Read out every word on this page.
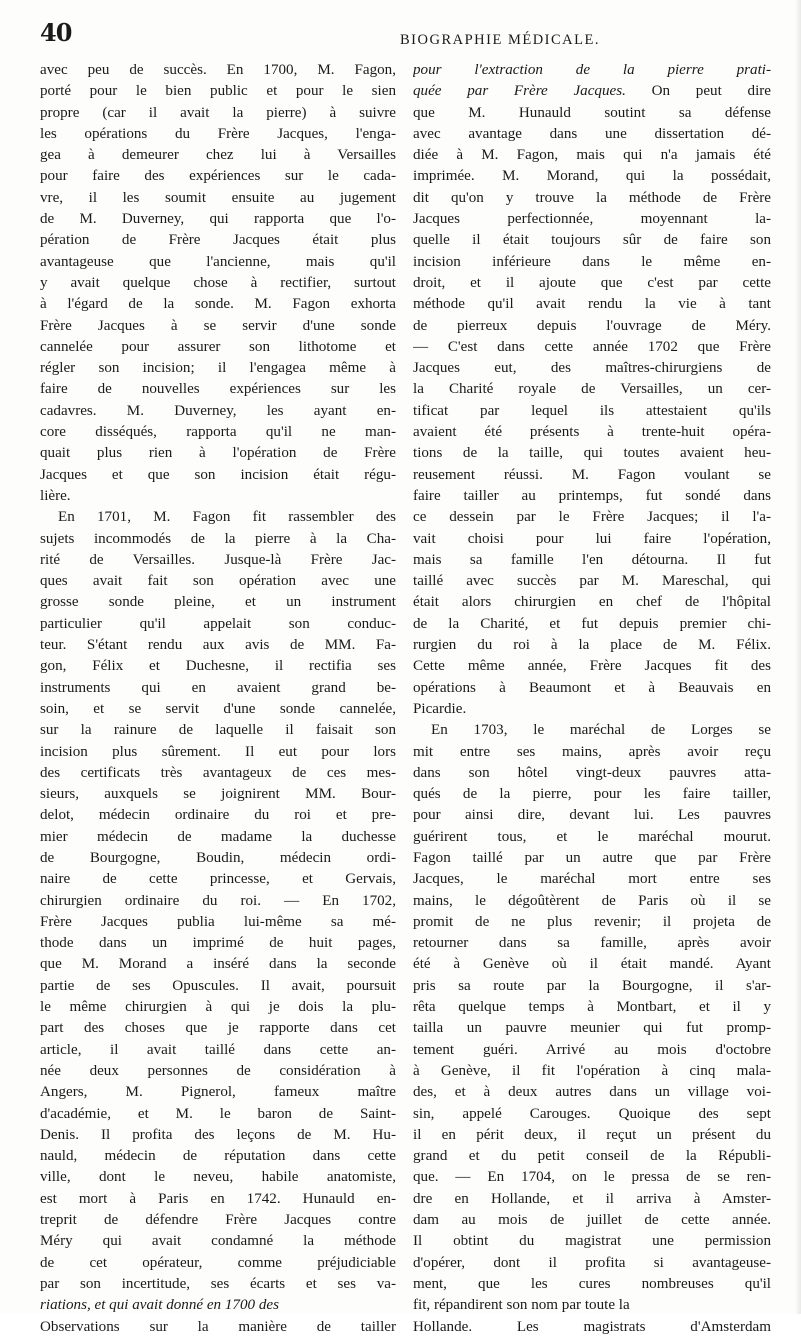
40	BIOGRAPHIE MÉDICALE.
avec peu de succès. En 1700, M. Fagon,
porté pour le bien public et pour le sien
propre (car il avait la pierre) à suivre
les opérations du Frère Jacques, l'enga-
gea à demeurer chez lui à Versailles
pour faire des expériences sur le cada-
vre, il les soumit ensuite au jugement
de M. Duverney, qui rapporta que l'o-
pération de Frère Jacques était plus
avantageuse que l'ancienne, mais qu'il
y avait quelque chose à rectifier, surtout
à l'égard de la sonde. M. Fagon exhorta
Frère Jacques à se servir d'une sonde
cannelée pour assurer son lithotome et
régler son incision; il l'engagea même à
faire de nouvelles expériences sur les
cadavres. M. Duverney, les ayant en-
core disséqués, rapporta qu'il ne man-
quait plus rien à l'opération de Frère
Jacques et que son incision était régu-
lière.
En 1701, M. Fagon fit rassembler des
sujets incommodés de la pierre à la Cha-
rité de Versailles. Jusque-là Frère Jac-
ques avait fait son opération avec une
grosse sonde pleine, et un instrument
particulier qu'il appelait son conduc-
teur. S'étant rendu aux avis de MM. Fa-
gon, Félix et Duchesne, il rectifia ses
instruments qui en avaient grand be-
soin, et se servit d'une sonde cannelée,
sur la rainure de laquelle il faisait son
incision plus sûrement. Il eut pour lors
des certificats très avantageux de ces mes-
sieurs, auxquels se joignirent MM. Bour-
delot, médecin ordinaire du roi et pre-
mier médecin de madame la duchesse
de Bourgogne, Boudin, médecin ordi-
naire de cette princesse, et Gervais,
chirurgien ordinaire du roi. — En 1702,
Frère Jacques publia lui-même sa mé-
thode dans un imprimé de huit pages,
que M. Morand a inséré dans la seconde
partie de ses Opuscules. Il avait, poursuit
le même chirurgien à qui je dois la plu-
part des choses que je rapporte dans cet
article, il avait taillé dans cette an-
née deux personnes de considération à
Angers, M. Pignerol, fameux maître
d'académie, et M. le baron de Saint-
Denis. Il profita des leçons de M. Hu-
nauld, médecin de réputation dans cette
ville, dont le neveu, habile anatomiste,
est mort à Paris en 1742. Hunauld en-
treprit de défendre Frère Jacques contre
Méry qui avait condamné la méthode
de cet opérateur, comme préjudiciable
par son incertitude, ses écarts et ses va-
riations, et qui avait donné en 1700 des
Observations sur la manière de tailler
pour l'extraction de la pierre prati-
quée par Frère Jacques. On peut dire
que M. Hunauld soutint sa défense
avec avantage dans une dissertation dé-
diée à M. Fagon, mais qui n'a jamais été
imprimée. M. Morand, qui la possédait,
dit qu'on y trouve la méthode de Frère
Jacques perfectionnée, moyennant la-
quelle il était toujours sûr de faire son
incision inférieure dans le même en-
droit, et il ajoute que c'est par cette
méthode qu'il avait rendu la vie à tant
de pierreux depuis l'ouvrage de Méry.
— C'est dans cette année 1702 que Frère
Jacques eut, des maîtres-chirurgiens de
la Charité royale de Versailles, un cer-
tificat par lequel ils attestaient qu'ils
avaient été présents à trente-huit opéra-
tions de la taille, qui toutes avaient heu-
reusement réussi. M. Fagon voulant se
faire tailler au printemps, fut sondé dans
ce dessein par le Frère Jacques; il l'a-
vait choisi pour lui faire l'opération,
mais sa famille l'en détourna. Il fut
taillé avec succès par M. Mareschal, qui
était alors chirurgien en chef de l'hôpital
de la Charité, et fut depuis premier chi-
rurgien du roi à la place de M. Félix.
Cette même année, Frère Jacques fit des
opérations à Beaumont et à Beauvais en
Picardie.
En 1703, le maréchal de Lorges se
mit entre ses mains, après avoir reçu
dans son hôtel vingt-deux pauvres atta-
qués de la pierre, pour les faire tailler,
pour ainsi dire, devant lui. Les pauvres
guérirent tous, et le maréchal mourut.
Fagon taillé par un autre que par Frère
Jacques, le maréchal mort entre ses
mains, le dégoûtèrent de Paris où il se
promit de ne plus revenir; il projeta de
retourner dans sa famille, après avoir
été à Genève où il était mandé. Ayant
pris sa route par la Bourgogne, il s'ar-
rêta quelque temps à Montbart, et il y
tailla un pauvre meunier qui fut promp-
tement guéri. Arrivé au mois d'octobre
à Genève, il fit l'opération à cinq mala-
des, et à deux autres dans un village voi-
sin, appelé Carouges. Quoique des sept
il en périt deux, il reçut un présent du
grand et du petit conseil de la Républi-
que. — En 1704, on le pressa de se ren-
dre en Hollande, et il arriva à Amster-
dam au mois de juillet de cette année.
Il obtint du magistrat une permission
d'opérer, dont il profita si avantageuse-
ment, que les cures nombreuses qu'il
fit, répandirent son nom par toute la
Hollande. Les magistrats d'Amsterdam
